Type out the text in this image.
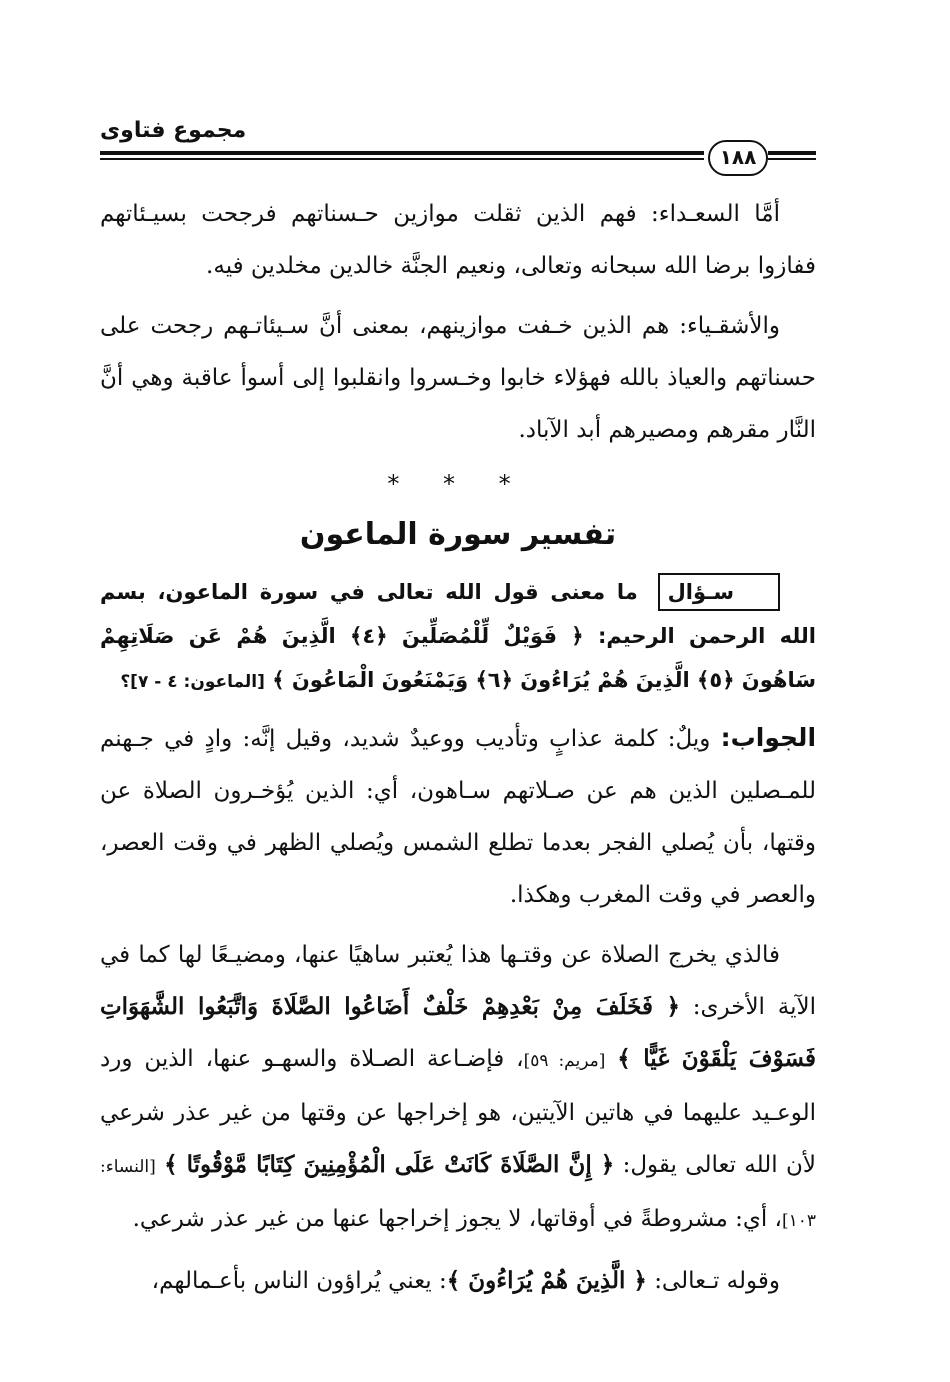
مجموع فتاوى
١٨٨

أمَّا السعـداء: فهم الذين ثقلت موازين حـسناتهم فرجحت بسيـئاتهم ففازوا برضا الله سبحانه وتعالى، ونعيم الجنَّة خالدين مخلدين فيه.

والأشقـياء: هم الذين خـفت موازينهم، بمعنى أنَّ سـيئاتـهم رجحت على حسناتهم والعياذ بالله فهؤلاء خابوا وخـسروا وانقلبوا إلى أسوأ عاقبة وهي أنَّ النَّار مقرهم ومصيرهم أبد الآباد.

* * *
تفسير سورة الماعون

سـؤال ما معنى قول الله تعالى في سورة الماعون، بسم الله الرحمن الرحيم: ﴿ فَوَيْلٌ لِّلْمُصَلِّينَ ﴿٤﴾ الَّذِينَ هُمْ عَن صَلَاتِهِمْ سَاهُونَ ﴿٥﴾ الَّذِينَ هُمْ يُرَاءُونَ ﴿٦﴾ وَيَمْنَعُونَ الْمَاعُونَ ﴾ [الماعون: ٤ - ٧]؟

الجواب: ويلٌ: كلمة عذابٍ وتأديب ووعيدٌ شديد، وقيل إنَّه: وادٍ في جـهنم للمـصلين الذين هم عن صـلاتهم سـاهون، أي: الذين يُؤخـرون الصلاة عن وقتها، بأن يُصلي الفجر بعدما تطلع الشمس ويُصلي الظهر في وقت العصر، والعصر في وقت المغرب وهكذا.

فالذي يخرج الصلاة عن وقتـها هذا يُعتبر ساهيًا عنها، ومضيـعًا لها كما في الآية الأخرى: ﴿ فَخَلَفَ مِنْ بَعْدِهِمْ خَلْفٌ أَضَاعُوا الصَّلَاةَ وَاتَّبَعُوا الشَّهَوَاتِ فَسَوْفَ يَلْقَوْنَ غَيًّا ﴾ [مريم: ٥٩]، فإضـاعة الصـلاة والسهـو عنها، الذين ورد الوعـيد عليهما في هاتين الآيتين، هو إخراجها عن وقتها من غير عذر شرعي لأن الله تعالى يقول: ﴿ إِنَّ الصَّلَاةَ كَانَتْ عَلَى الْمُؤْمِنِينَ كِتَابًا مَّوْقُوتًا ﴾ [النساء: ١٠٣]، أي: مشروطةً في أوقاتها، لا يجوز إخراجها عنها من غير عذر شرعي.

وقوله تـعالى: ﴿ الَّذِينَ هُمْ يُرَاءُونَ ﴾: يعني يُراؤون الناس بأعـمالهم،
